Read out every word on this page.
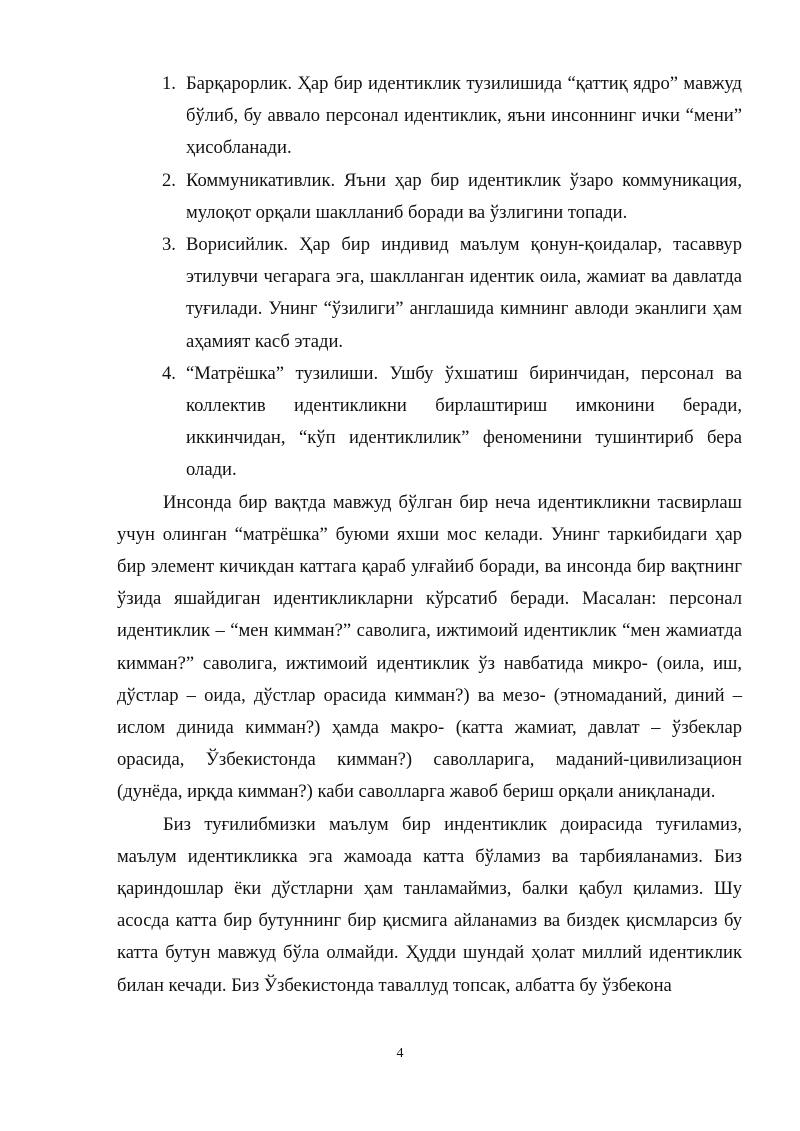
1. Барқарорлик. Ҳар бир идентиклик тузилишида “қаттиқ ядро” мавжуд бўлиб, бу аввало персонал идентиклик, яъни инсоннинг ички “мени” ҳисобланади.
2. Коммуникативлик. Яъни ҳар бир идентиклик ўзаро коммуникация, мулоқот орқали шаклланиб боради ва ўзлигини топади.
3. Ворисийлик. Ҳар бир индивид маълум қонун-қоидалар, тасаввур этилувчи чегарага эга, шаклланган идентик оила, жамиат ва давлатда туғилади. Унинг “ўзилиги” англашида кимнинг авлоди эканлиги ҳам аҳамият касб этади.
4. “Матрёшка” тузилиши. Ушбу ўхшатиш биринчидан, персонал ва коллектив идентикликни бирлаштириш имконини беради, иккинчидан, “кўп идентиклилик” феноменини тушинтириб бера олади.

Инсонда бир вақтда мавжуд бўлган бир неча идентикликни тасвирлаш учун олинган “матрёшка” буюми яхши мос келади. Унинг таркибидаги ҳар бир элемент кичикдан каттага қараб улғайиб боради, ва инсонда бир вақтнинг ўзида яшайдиган идентикликларни кўрсатиб беради. Масалан: персонал идентиклик – “мен кимман?” саволига, ижтимоий идентиклик “мен жамиатда кимман?” саволига, ижтимоий идентиклик ўз навбатида микро- (оила, иш, дўстлар – оида, дўстлар орасида кимман?) ва мезо- (этномаданий, диний – ислом динида кимман?) ҳамда макро- (катта жамиат, давлат – ўзбеклар орасида, Ўзбекистонда кимман?) саволларига, маданий-цивилизацион (дунёда, ирқда кимман?) каби саволларга жавоб бериш орқали аниқланади.

Биз туғилибмизки маълум бир индентиклик доирасида туғиламиз, маълум идентикликка эга жамоада катта бўламиз ва тарбияланамиз. Биз қариндошлар ёки дўстларни ҳам танламаймиз, балки қабул қиламиз. Шу асосда катта бир бутуннинг бир қисмига айланамиз ва биздек қисмларсиз бу катта бутун мавжуд бўла олмайди. Ҳудди шундай ҳолат миллий идентиклик билан кечади. Биз Ўзбекистонда таваллуд топсак, албатта бу ўзбекона

4
